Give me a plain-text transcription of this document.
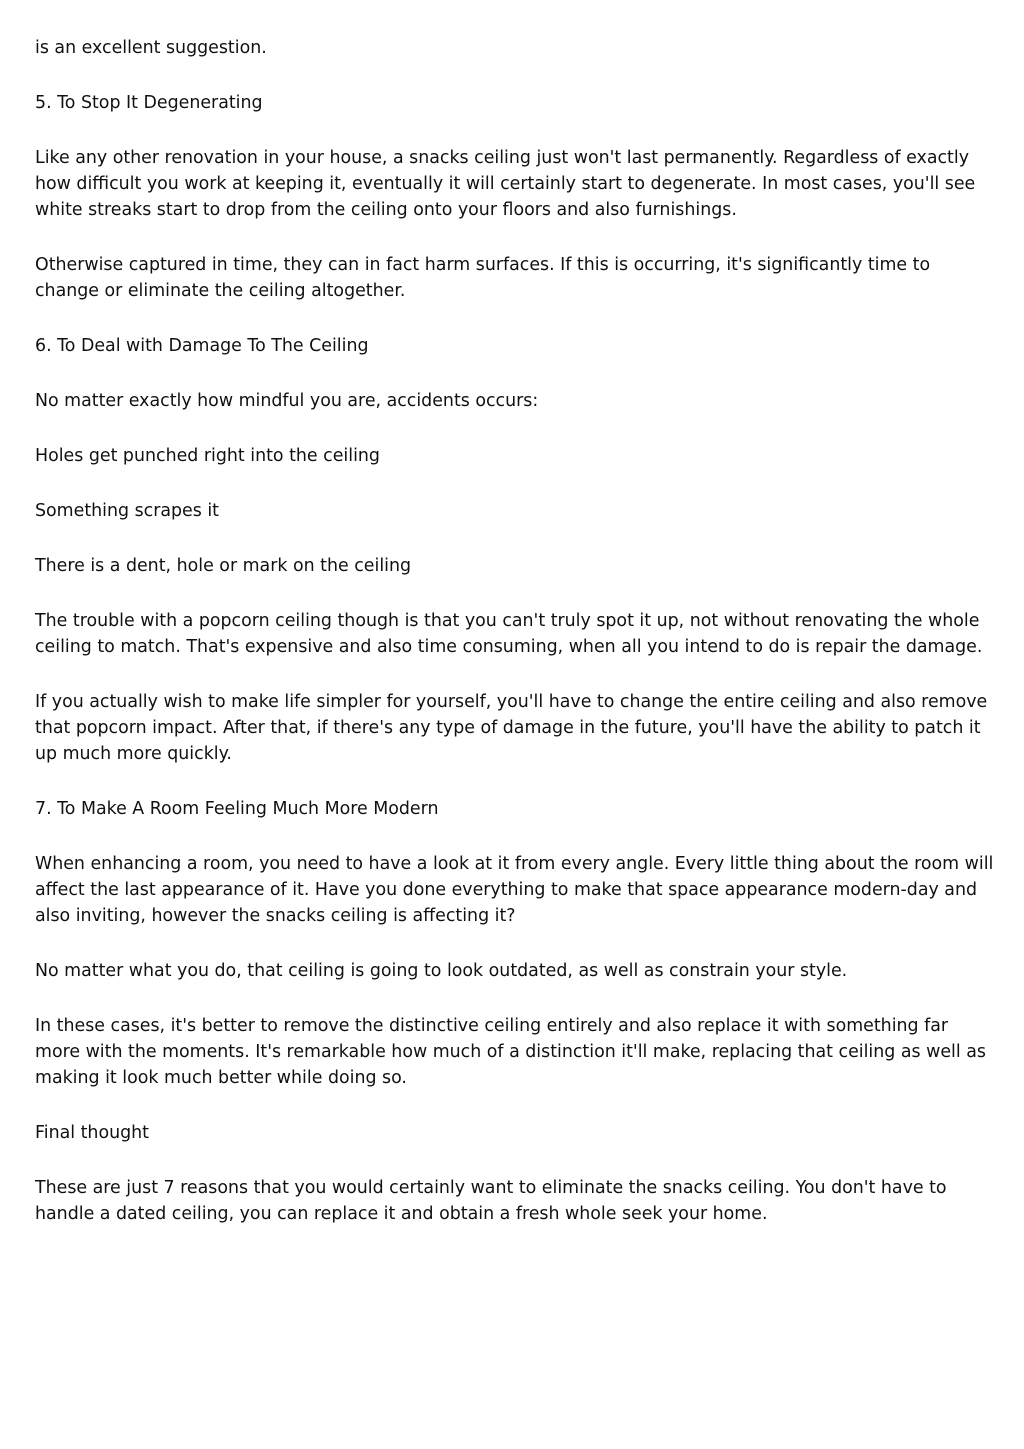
is an excellent suggestion.

5. To Stop It Degenerating

Like any other renovation in your house, a snacks ceiling just won't last permanently. Regardless of exactly how difficult you work at keeping it, eventually it will certainly start to degenerate. In most cases, you'll see white streaks start to drop from the ceiling onto your floors and also furnishings.

Otherwise captured in time, they can in fact harm surfaces. If this is occurring, it's significantly time to change or eliminate the ceiling altogether.

6. To Deal with Damage To The Ceiling

No matter exactly how mindful you are, accidents occurs:

Holes get punched right into the ceiling

Something scrapes it

There is a dent, hole or mark on the ceiling

The trouble with a popcorn ceiling though is that you can't truly spot it up, not without renovating the whole ceiling to match. That's expensive and also time consuming, when all you intend to do is repair the damage.

If you actually wish to make life simpler for yourself, you'll have to change the entire ceiling and also remove that popcorn impact. After that, if there's any type of damage in the future, you'll have the ability to patch it up much more quickly.

7. To Make A Room Feeling Much More Modern

When enhancing a room, you need to have a look at it from every angle. Every little thing about the room will affect the last appearance of it. Have you done everything to make that space appearance modern-day and also inviting, however the snacks ceiling is affecting it?

No matter what you do, that ceiling is going to look outdated, as well as constrain your style.

In these cases, it's better to remove the distinctive ceiling entirely and also replace it with something far more with the moments. It's remarkable how much of a distinction it'll make, replacing that ceiling as well as making it look much better while doing so.

Final thought

These are just 7 reasons that you would certainly want to eliminate the snacks ceiling. You don't have to handle a dated ceiling, you can replace it and obtain a fresh whole seek your home.
